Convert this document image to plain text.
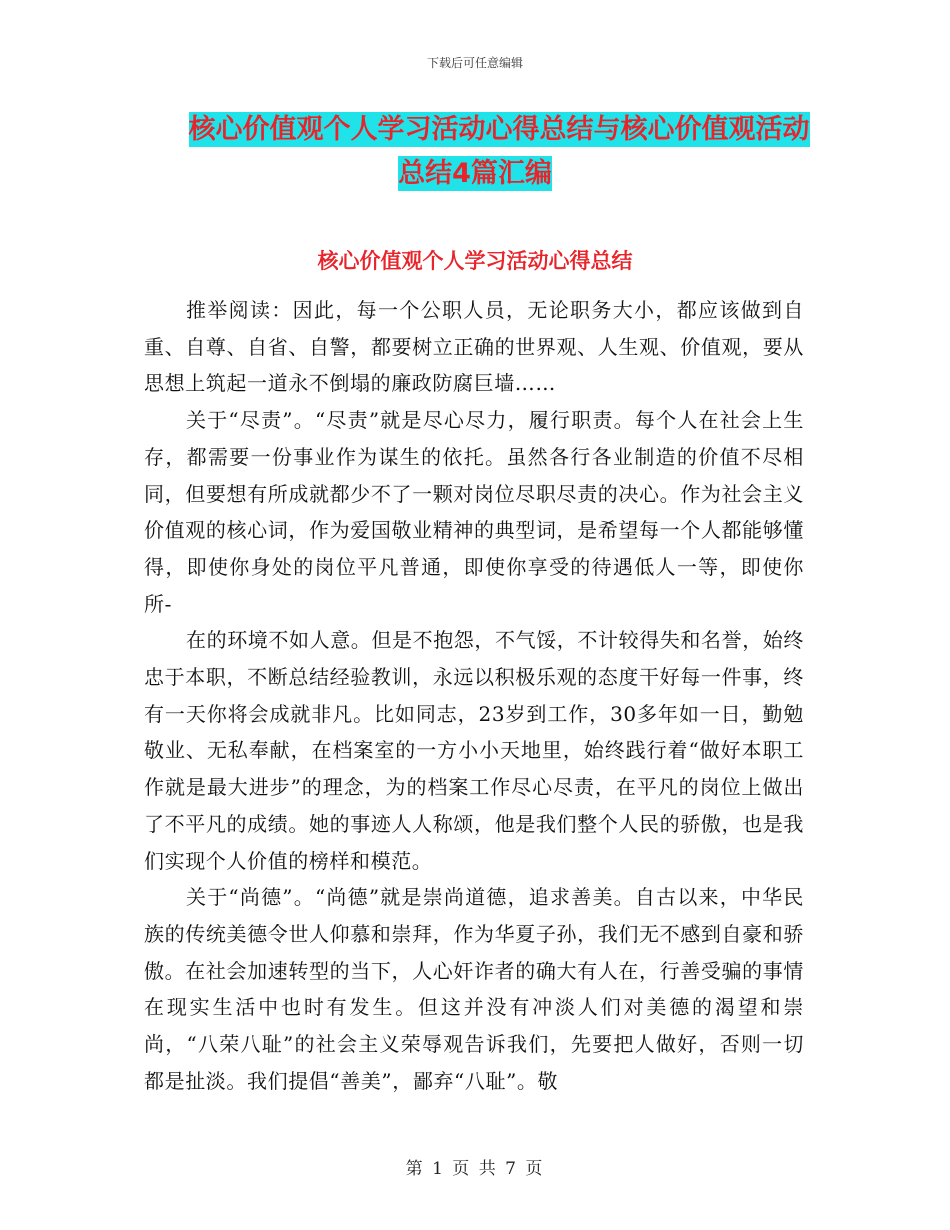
下载后可任意编辑
核心价值观个人学习活动心得总结与核心价值观活动
总结4篇汇编
核心价值观个人学习活动心得总结

推举阅读：因此，每一个公职人员，无论职务大小，都应该做到自重、自尊、自省、自警，都要树立正确的世界观、人生观、价值观，要从思想上筑起一道永不倒塌的廉政防腐巨墙……

关于“尽责”。“尽责”就是尽心尽力，履行职责。每个人在社会上生存，都需要一份事业作为谋生的依托。虽然各行各业制造的价值不尽相同，但要想有所成就都少不了一颗对岗位尽职尽责的决心。作为社会主义价值观的核心词，作为爱国敬业精神的典型词，是希望每一个人都能够懂得，即使你身处的岗位平凡普通，即使你享受的待遇低人一等，即使你所-

在的环境不如人意。但是不抱怨，不气馁，不计较得失和名誉，始终忠于本职，不断总结经验教训，永远以积极乐观的态度干好每一件事，终有一天你将会成就非凡。比如同志，23岁到工作，30多年如一日，勤勉敬业、无私奉献，在档案室的一方小小天地里，始终践行着“做好本职工作就是最大进步”的理念，为的档案工作尽心尽责，在平凡的岗位上做出了不平凡的成绩。她的事迹人人称颂，他是我们整个人民的骄傲，也是我们实现个人价值的榜样和模范。

关于“尚德”。“尚德”就是崇尚道德，追求善美。自古以来，中华民族的传统美德令世人仰慕和崇拜，作为华夏子孙，我们无不感到自豪和骄傲。在社会加速转型的当下，人心奸诈者的确大有人在，行善受骗的事情在现实生活中也时有发生。但这并没有冲淡人们对美德的渴望和崇尚，“八荣八耻”的社会主义荣辱观告诉我们，先要把人做好，否则一切都是扯淡。我们提倡“善美”，鄙弃“八耻”。敬

第 1 页 共 7 页
